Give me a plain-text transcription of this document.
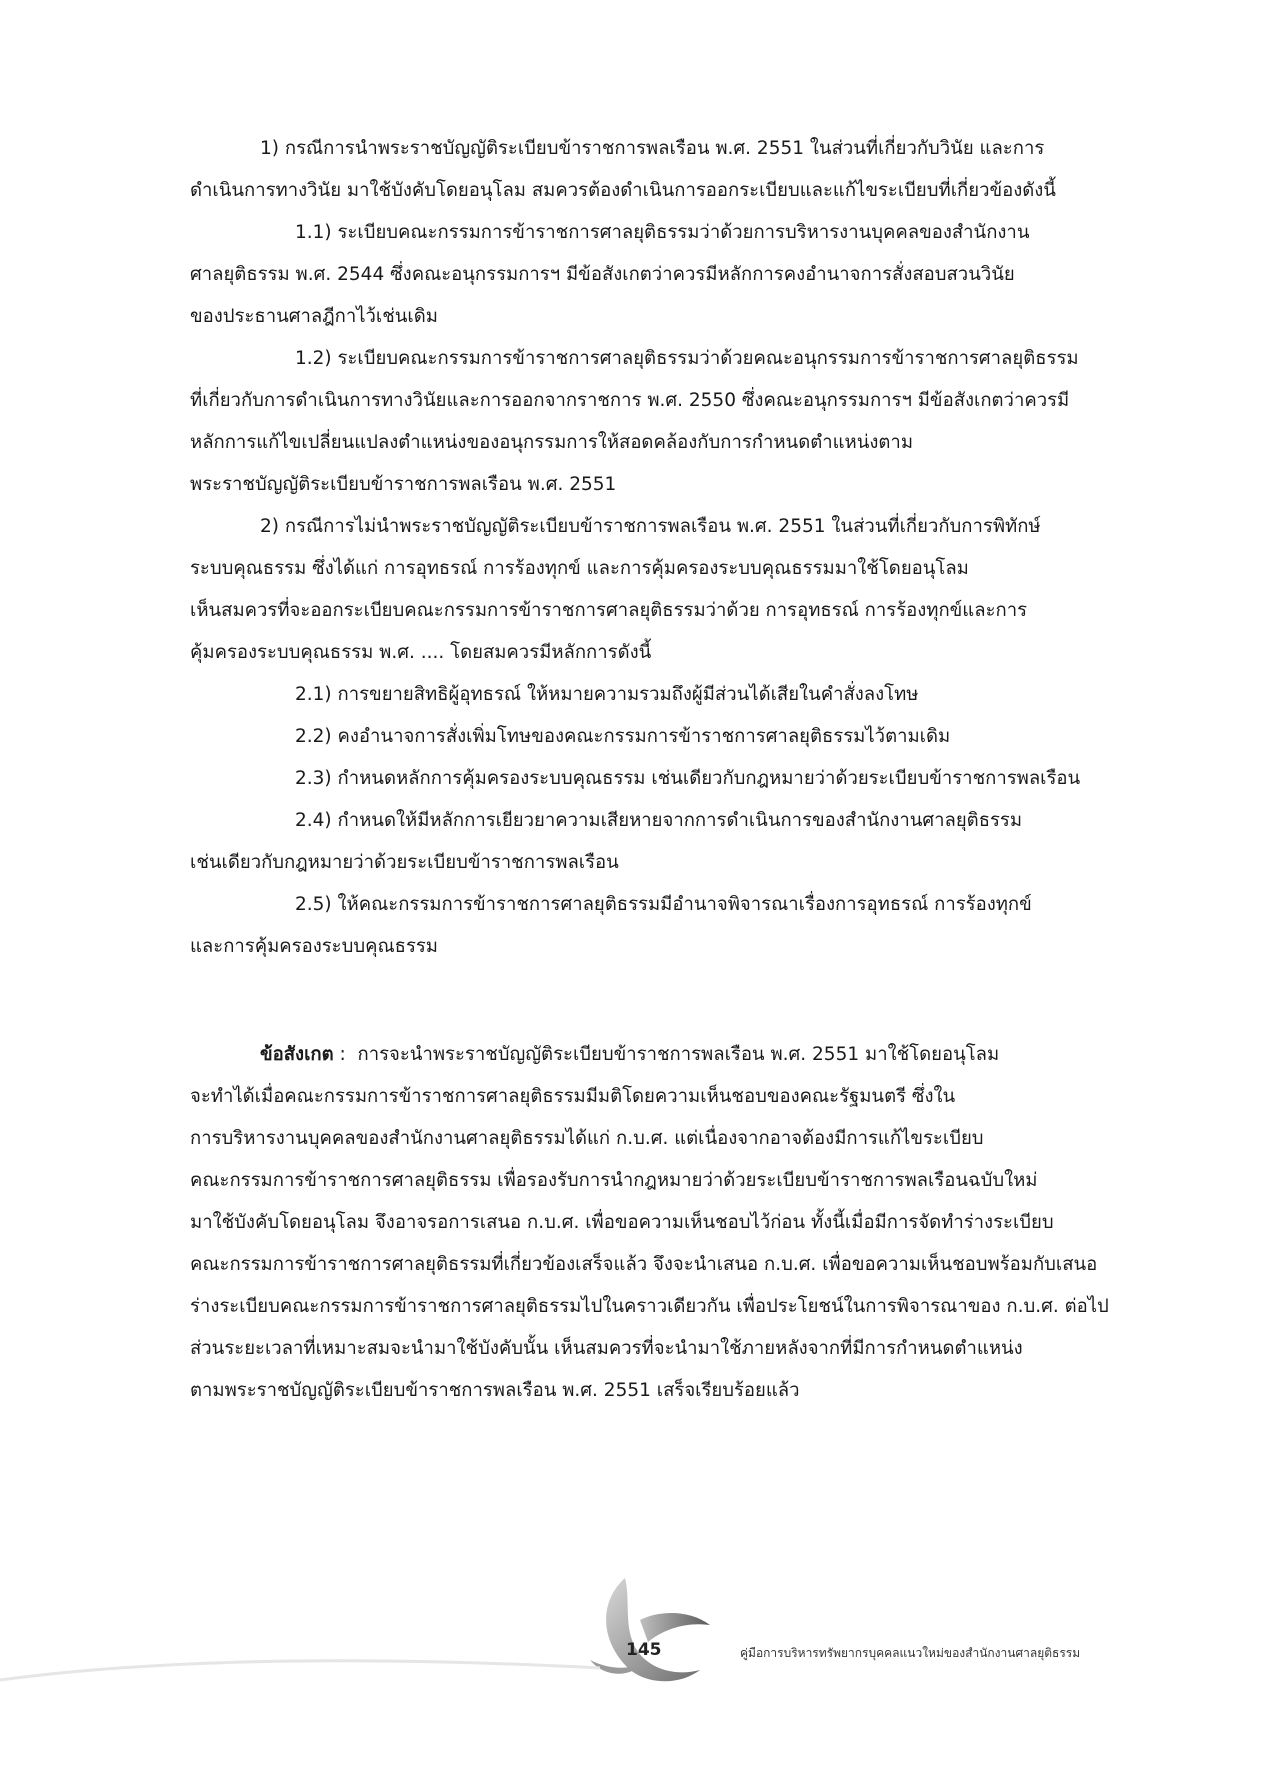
1) กรณีการนำพระราชบัญญัติระเบียบข้าราชการพลเรือน พ.ศ. 2551 ในส่วนที่เกี่ยวกับวินัย และการ
ดำเนินการทางวินัย มาใช้บังคับโดยอนุโลม สมควรต้องดำเนินการออกระเบียบและแก้ไขระเบียบที่เกี่ยวข้องดังนี้

1.1) ระเบียบคณะกรรมการข้าราชการศาลยุติธรรมว่าด้วยการบริหารงานบุคคลของสำนักงาน
ศาลยุติธรรม พ.ศ. 2544 ซึ่งคณะอนุกรรมการฯ มีข้อสังเกตว่าควรมีหลักการคงอำนาจการสั่งสอบสวนวินัย
ของประธานศาลฎีกาไว้เช่นเดิม

1.2) ระเบียบคณะกรรมการข้าราชการศาลยุติธรรมว่าด้วยคณะอนุกรรมการข้าราชการศาลยุติธรรม
ที่เกี่ยวกับการดำเนินการทางวินัยและการออกจากราชการ พ.ศ. 2550 ซึ่งคณะอนุกรรมการฯ มีข้อสังเกตว่าควรมี
หลักการแก้ไขเปลี่ยนแปลงตำแหน่งของอนุกรรมการให้สอดคล้องกับการกำหนดตำแหน่งตาม
พระราชบัญญัติระเบียบข้าราชการพลเรือน พ.ศ. 2551

2) กรณีการไม่นำพระราชบัญญัติระเบียบข้าราชการพลเรือน พ.ศ. 2551 ในส่วนที่เกี่ยวกับการพิทักษ์
ระบบคุณธรรม ซึ่งได้แก่ การอุทธรณ์ การร้องทุกข์ และการคุ้มครองระบบคุณธรรมมาใช้โดยอนุโลม
เห็นสมควรที่จะออกระเบียบคณะกรรมการข้าราชการศาลยุติธรรมว่าด้วย การอุทธรณ์ การร้องทุกข์และการ
คุ้มครองระบบคุณธรรม พ.ศ. .... โดยสมควรมีหลักการดังนี้

2.1) การขยายสิทธิผู้อุทธรณ์ ให้หมายความรวมถึงผู้มีส่วนได้เสียในคำสั่งลงโทษ

2.2) คงอำนาจการสั่งเพิ่มโทษของคณะกรรมการข้าราชการศาลยุติธรรมไว้ตามเดิม

2.3) กำหนดหลักการคุ้มครองระบบคุณธรรม เช่นเดียวกับกฎหมายว่าด้วยระเบียบข้าราชการพลเรือน

2.4) กำหนดให้มีหลักการเยียวยาความเสียหายจากการดำเนินการของสำนักงานศาลยุติธรรม
เช่นเดียวกับกฎหมายว่าด้วยระเบียบข้าราชการพลเรือน

2.5) ให้คณะกรรมการข้าราชการศาลยุติธรรมมีอำนาจพิจารณาเรื่องการอุทธรณ์ การร้องทุกข์
และการคุ้มครองระบบคุณธรรม

ข้อสังเกต :  การจะนำพระราชบัญญัติระเบียบข้าราชการพลเรือน พ.ศ. 2551 มาใช้โดยอนุโลม
จะทำได้เมื่อคณะกรรมการข้าราชการศาลยุติธรรมมีมติโดยความเห็นชอบของคณะรัฐมนตรี ซึ่งใน
การบริหารงานบุคคลของสำนักงานศาลยุติธรรมได้แก่ ก.บ.ศ. แต่เนื่องจากอาจต้องมีการแก้ไขระเบียบ
คณะกรรมการข้าราชการศาลยุติธรรม เพื่อรองรับการนำกฎหมายว่าด้วยระเบียบข้าราชการพลเรือนฉบับใหม่
มาใช้บังคับโดยอนุโลม จึงอาจรอการเสนอ ก.บ.ศ. เพื่อขอความเห็นชอบไว้ก่อน ทั้งนี้เมื่อมีการจัดทำร่างระเบียบ
คณะกรรมการข้าราชการศาลยุติธรรมที่เกี่ยวข้องเสร็จแล้ว จึงจะนำเสนอ ก.บ.ศ. เพื่อขอความเห็นชอบพร้อมกับเสนอ
ร่างระเบียบคณะกรรมการข้าราชการศาลยุติธรรมไปในคราวเดียวกัน เพื่อประโยชน์ในการพิจารณาของ ก.บ.ศ. ต่อไป
ส่วนระยะเวลาที่เหมาะสมจะนำมาใช้บังคับนั้น เห็นสมควรที่จะนำมาใช้ภายหลังจากที่มีการกำหนดตำแหน่ง
ตามพระราชบัญญัติระเบียบข้าราชการพลเรือน พ.ศ. 2551 เสร็จเรียบร้อยแล้ว

145	คู่มือการบริหารทรัพยากรบุคคลแนวใหม่ของสำนักงานศาลยุติธรรม
